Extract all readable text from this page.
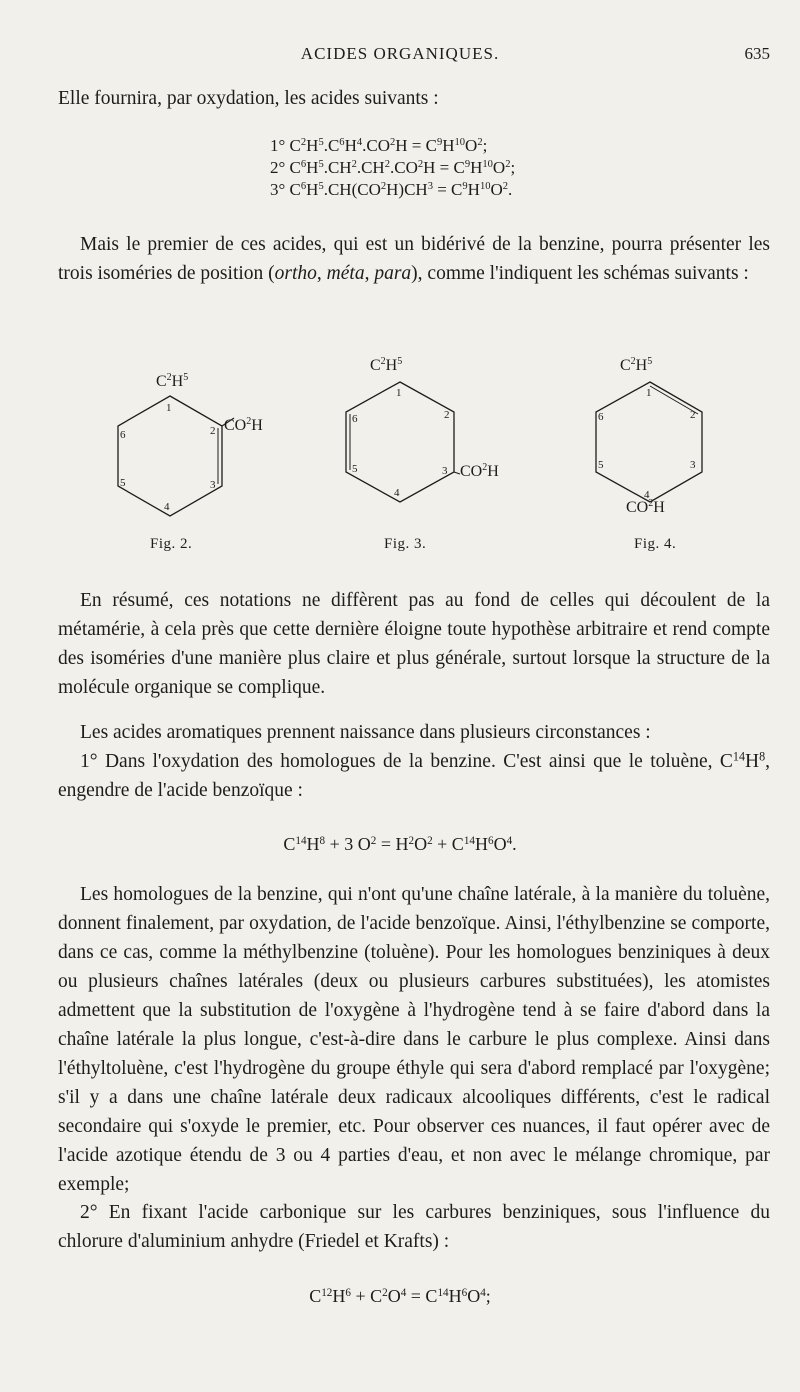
ACIDES ORGANIQUES.	635
Elle fournira, par oxydation, les acides suivants :
1° $C^2H^5.C^6H^4.CO^2H = C^9H^{10}O^2$;
2° $C^6H^5.CH^2.CH^2.CO^2H = C^9H^{10}O^2$;
3° $C^6H^5.CH(CO^2H)CH^3 = C^9H^{10}O^2$.
Mais le premier de ces acides, qui est un bidérivé de la benzine, pourra présenter les trois isoméries de position (ortho, méta, para), comme l'indiquent les schémas suivants :
$C^2H^5$
$CO^2H$
1
2
3
4
5
6
Fig. 2.
$C^2H^5$
$CO^2H$
1
2
3
4
5
6
Fig. 3.
$C^2H^5$
$CO^2H$
1
2
3
4
5
6
Fig. 4.
En résumé, ces notations ne diffèrent pas au fond de celles qui découlent de la métamérie, à cela près que cette dernière éloigne toute hypothèse arbitraire et rend compte des isoméries d'une manière plus claire et plus générale, surtout lorsque la structure de la molécule organique se complique.
Les acides aromatiques prennent naissance dans plusieurs circonstances :
1° Dans l'oxydation des homologues de la benzine. C'est ainsi que le toluène, $C^{14}H^8$, engendre de l'acide benzoïque :
$C^{14}H^8 + 3$ $O^2 = H^2O^2 + C^{14}H^6O^4$.
Les homologues de la benzine, qui n'ont qu'une chaîne latérale, à la manière du toluène, donnent finalement, par oxydation, de l'acide benzoïque. Ainsi, l'éthylbenzine se comporte, dans ce cas, comme la méthylbenzine (toluène). Pour les homologues benziniques à deux ou plusieurs chaînes latérales (deux ou plusieurs carbures substituées), les atomistes admettent que la substitution de l'oxygène à l'hydrogène tend à se faire d'abord dans la chaîne latérale la plus longue, c'est-à-dire dans le carbure le plus complexe. Ainsi dans l'éthyltoluène, c'est l'hydrogène du groupe éthyle qui sera d'abord remplacé par l'oxygène; s'il y a dans une chaîne latérale deux radicaux alcooliques différents, c'est le radical secondaire qui s'oxyde le premier, etc. Pour observer ces nuances, il faut opérer avec de l'acide azotique étendu de 3 ou 4 parties d'eau, et non avec le mélange chromique, par exemple;
2° En fixant l'acide carbonique sur les carbures benziniques, sous l'influence du chlorure d'aluminium anhydre (Friedel et Krafts) :
$C^{12}H^6 + C^2O^4 = C^{14}H^6O^4$;
